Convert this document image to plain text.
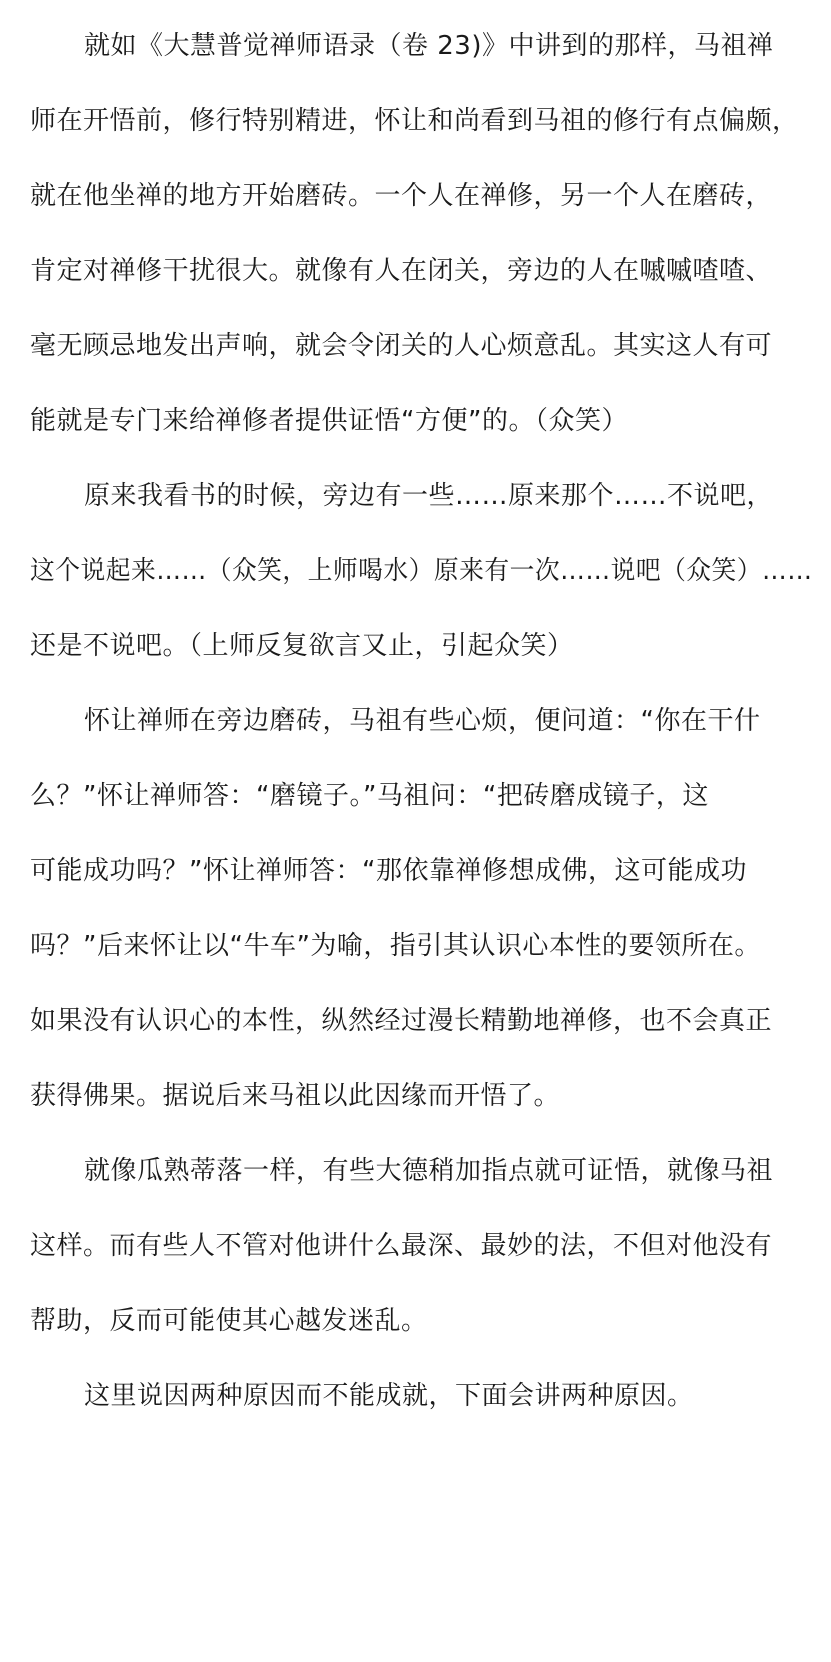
就如《大慧普觉禅师语录（卷 23)》中讲到的那样，马祖禅
师在开悟前，修行特别精进，怀让和尚看到马祖的修行有点偏颇，
就在他坐禅的地方开始磨砖。一个人在禅修，另一个人在磨砖，
肯定对禅修干扰很大。就像有人在闭关，旁边的人在嘁嘁喳喳、
毫无顾忌地发出声响，就会令闭关的人心烦意乱。其实这人有可
能就是专门来给禅修者提供证悟“方便”的。（众笑）
原来我看书的时候，旁边有一些……原来那个……不说吧，
这个说起来……（众笑，上师喝水）原来有一次……说吧（众笑）……
还是不说吧。（上师反复欲言又止，引起众笑）
怀让禅师在旁边磨砖，马祖有些心烦，便问道：“你在干什
么？”怀让禅师答：“磨镜子。”马祖问：“把砖磨成镜子，这
可能成功吗？”怀让禅师答：“那依靠禅修想成佛，这可能成功
吗？”后来怀让以“牛车”为喻，指引其认识心本性的要领所在。
如果没有认识心的本性，纵然经过漫长精勤地禅修，也不会真正
获得佛果。据说后来马祖以此因缘而开悟了。
就像瓜熟蒂落一样，有些大德稍加指点就可证悟，就像马祖
这样。而有些人不管对他讲什么最深、最妙的法，不但对他没有
帮助，反而可能使其心越发迷乱。
这里说因两种原因而不能成就，下面会讲两种原因。
